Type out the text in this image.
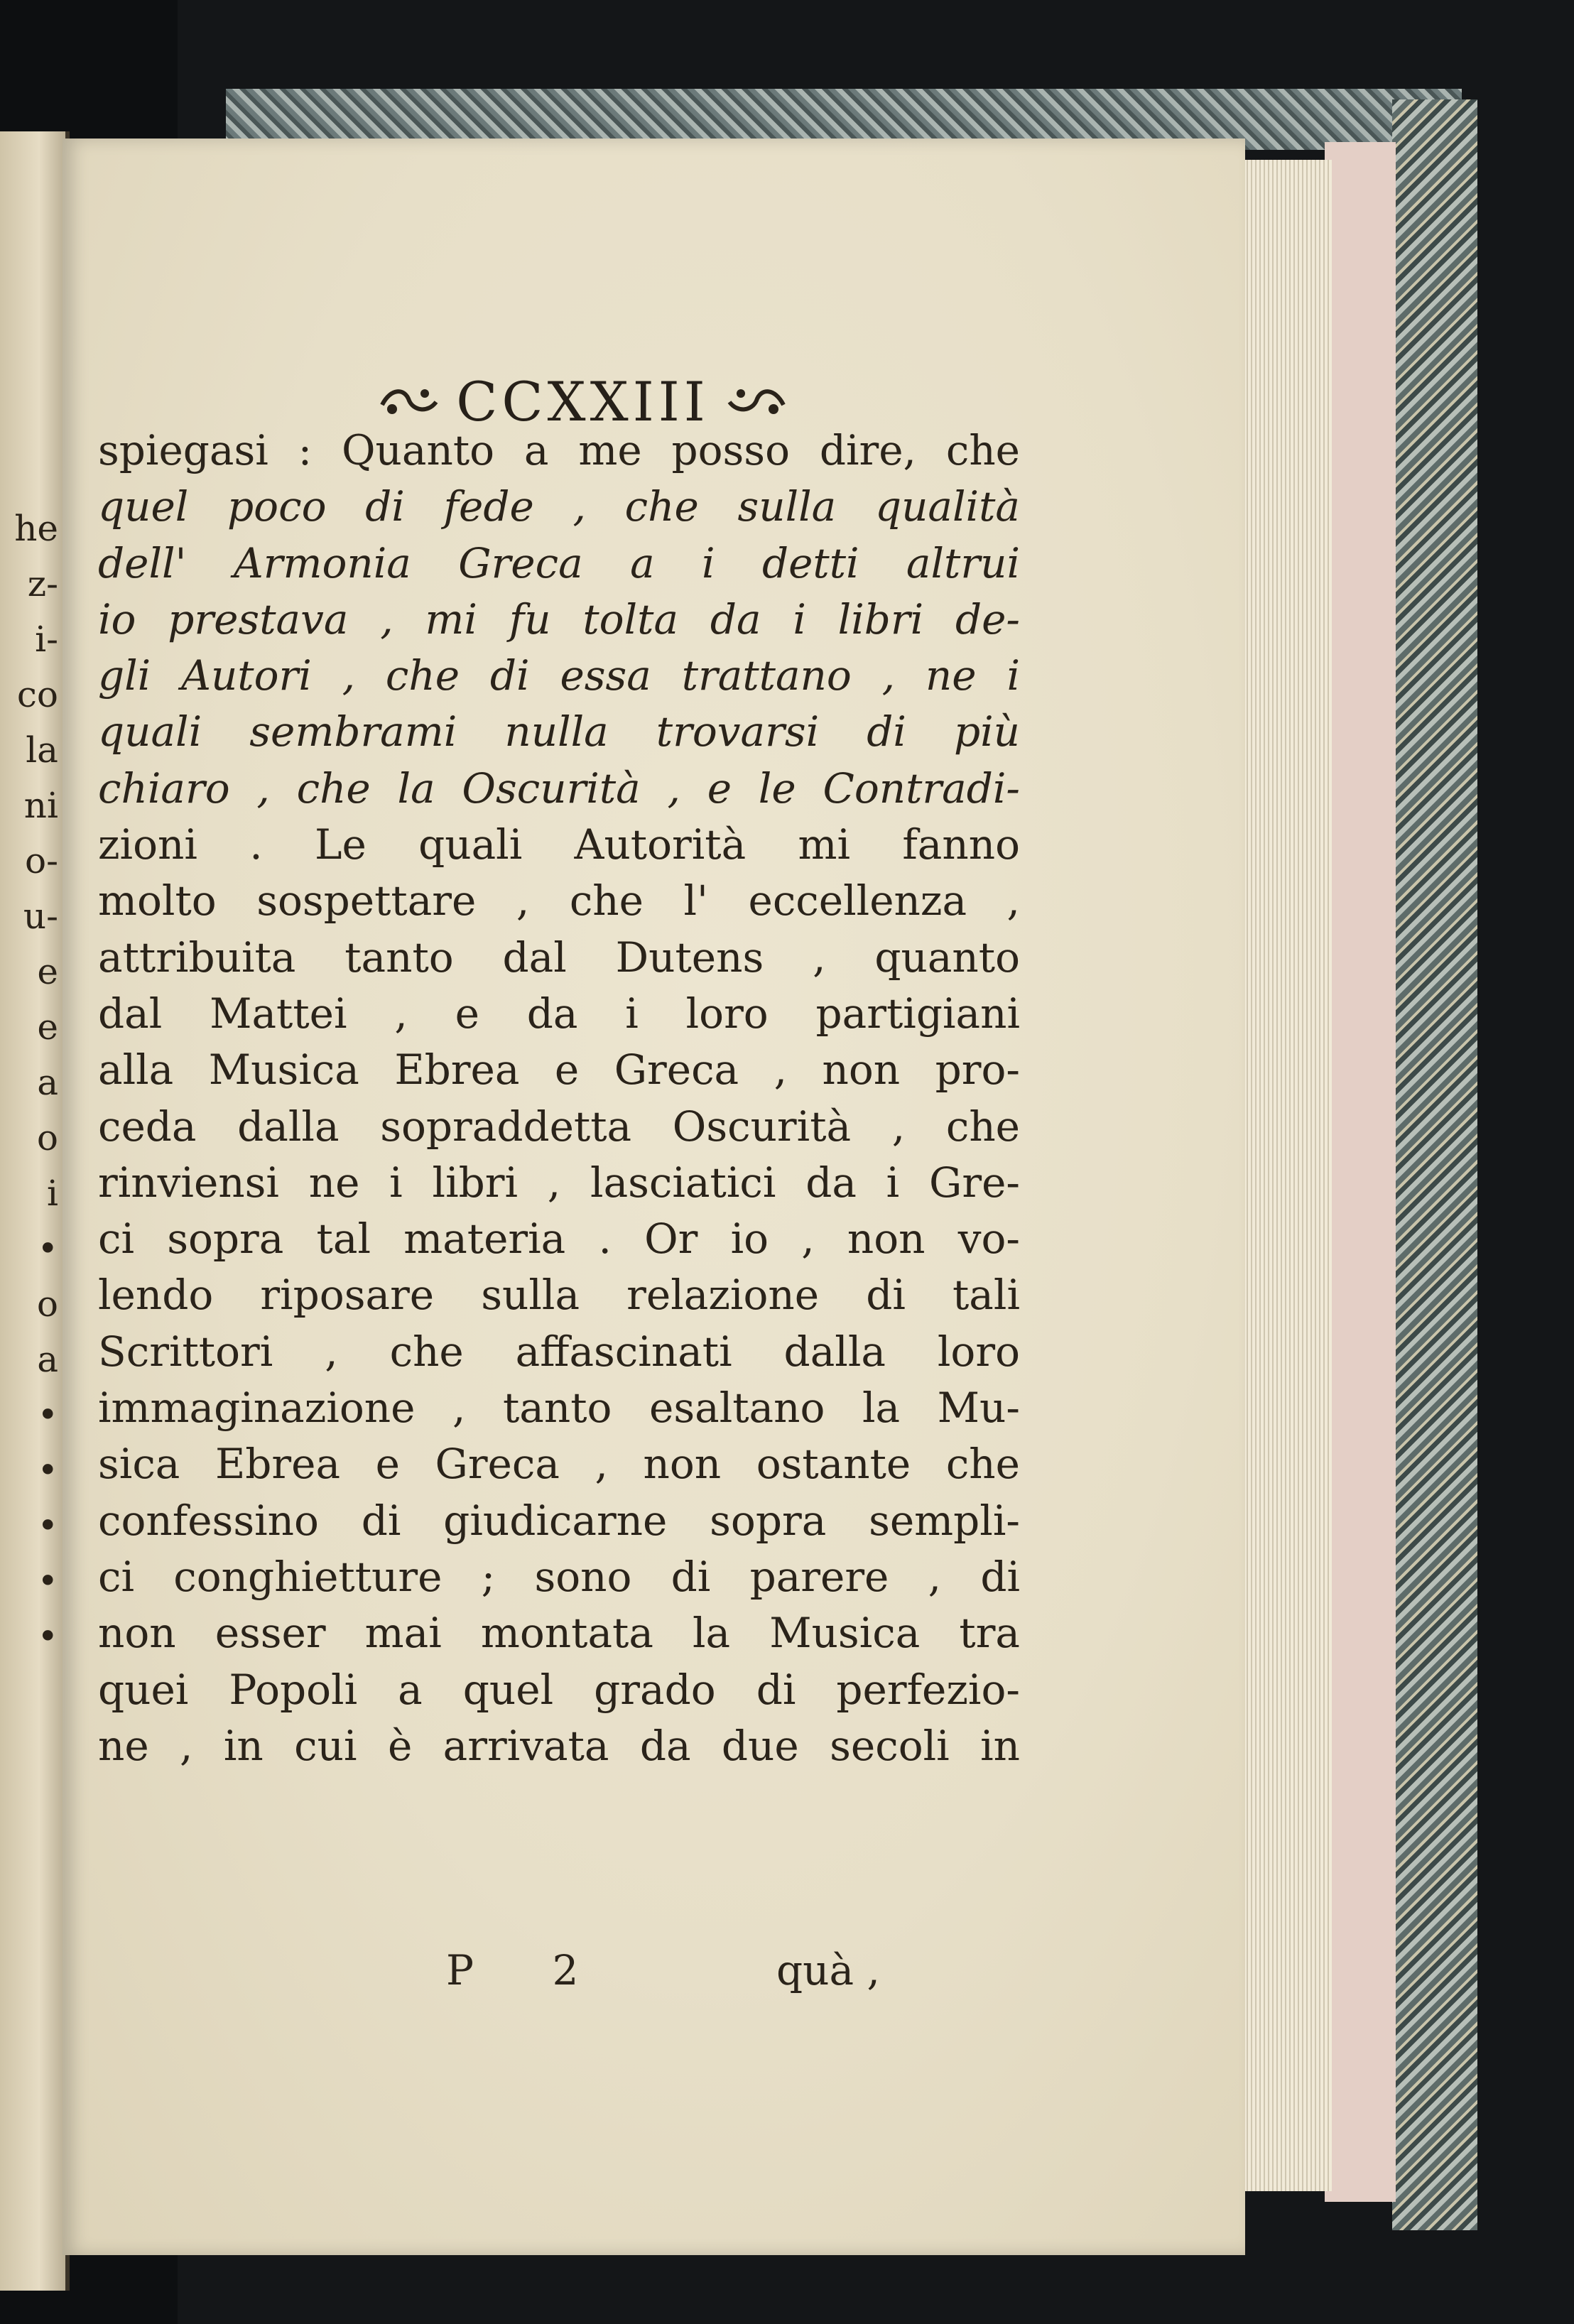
he
z-
i-
co
la
ni
o-
u-
e
e
a
o
i
•
o
a
•
•
•
•
•
CCXXIII
spiegasi : Quanto a me posso dire, che
quel poco di fede , che sulla qualità
dell' Armonia Greca a i detti altrui
io prestava , mi fu tolta da i libri de-
gli Autori , che di essa trattano , ne i
quali sembrami nulla trovarsi di più
chiaro , che la Oscurità , e le Contradi-
zioni . Le quali Autorità mi fanno
molto sospettare , che l' eccellenza ,
attribuita tanto dal Dutens , quanto
dal Mattei , e da i loro partigiani
alla Musica Ebrea e Greca , non pro-
ceda dalla sopraddetta Oscurità , che
rinviensi ne i libri , lasciatici da i Gre-
ci sopra tal materia . Or io , non vo-
lendo riposare sulla relazione di tali
Scrittori , che affascinati dalla loro
immaginazione , tanto esaltano la Mu-
sica Ebrea e Greca , non ostante che
confessino di giudicarne sopra sempli-
ci conghietture ; sono di parere , di
non esser mai montata la Musica tra
quei Popoli a quel grado di perfezio-
ne , in cui è arrivata da due secoli in
P 2	quà ,
